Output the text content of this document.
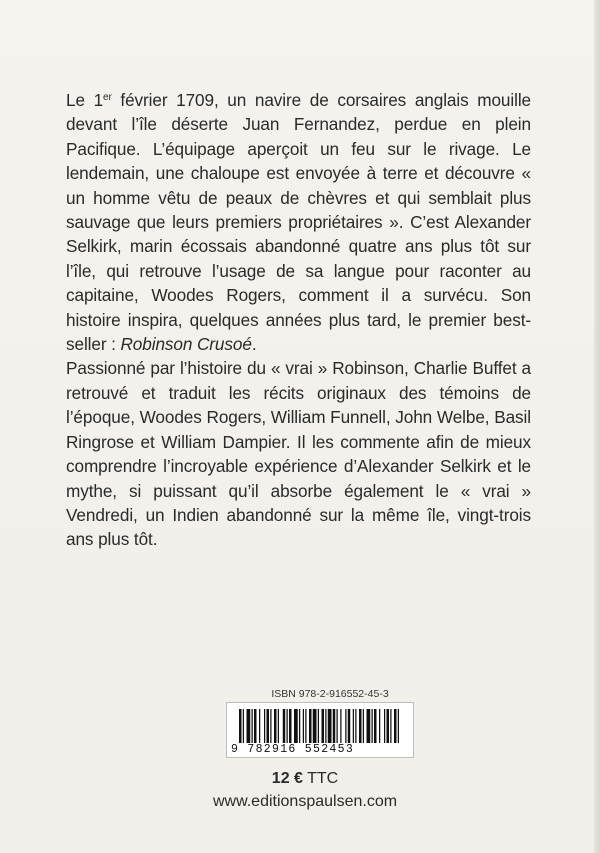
Le 1er février 1709, un navire de corsaires anglais mouille devant l’île déserte Juan Fernandez, perdue en plein Pacifique. L’équipage aperçoit un feu sur le rivage. Le lendemain, une chaloupe est envoyée à terre et découvre « un homme vêtu de peaux de chèvres et qui semblait plus sauvage que leurs premiers propriétaires ». C’est Alexander Selkirk, marin écossais abandonné quatre ans plus tôt sur l’île, qui retrouve l’usage de sa langue pour raconter au capitaine, Woodes Rogers, comment il a survécu. Son histoire inspira, quelques années plus tard, le premier best-seller : Robinson Crusoé.

Passionné par l’histoire du « vrai » Robinson, Charlie Buffet a retrouvé et traduit les récits originaux des témoins de l’époque, Woodes Rogers, William Funnell, John Welbe, Basil Ringrose et William Dampier. Il les commente afin de mieux comprendre l’incroyable expérience d’Alexander Selkirk et le mythe, si puissant qu’il absorbe également le « vrai » Vendredi, un Indien abandonné sur la même île, vingt-trois ans plus tôt.

ISBN 978-2-916552-45-3
9 782916 552453
12 € TTC
www.editionspaulsen.com
